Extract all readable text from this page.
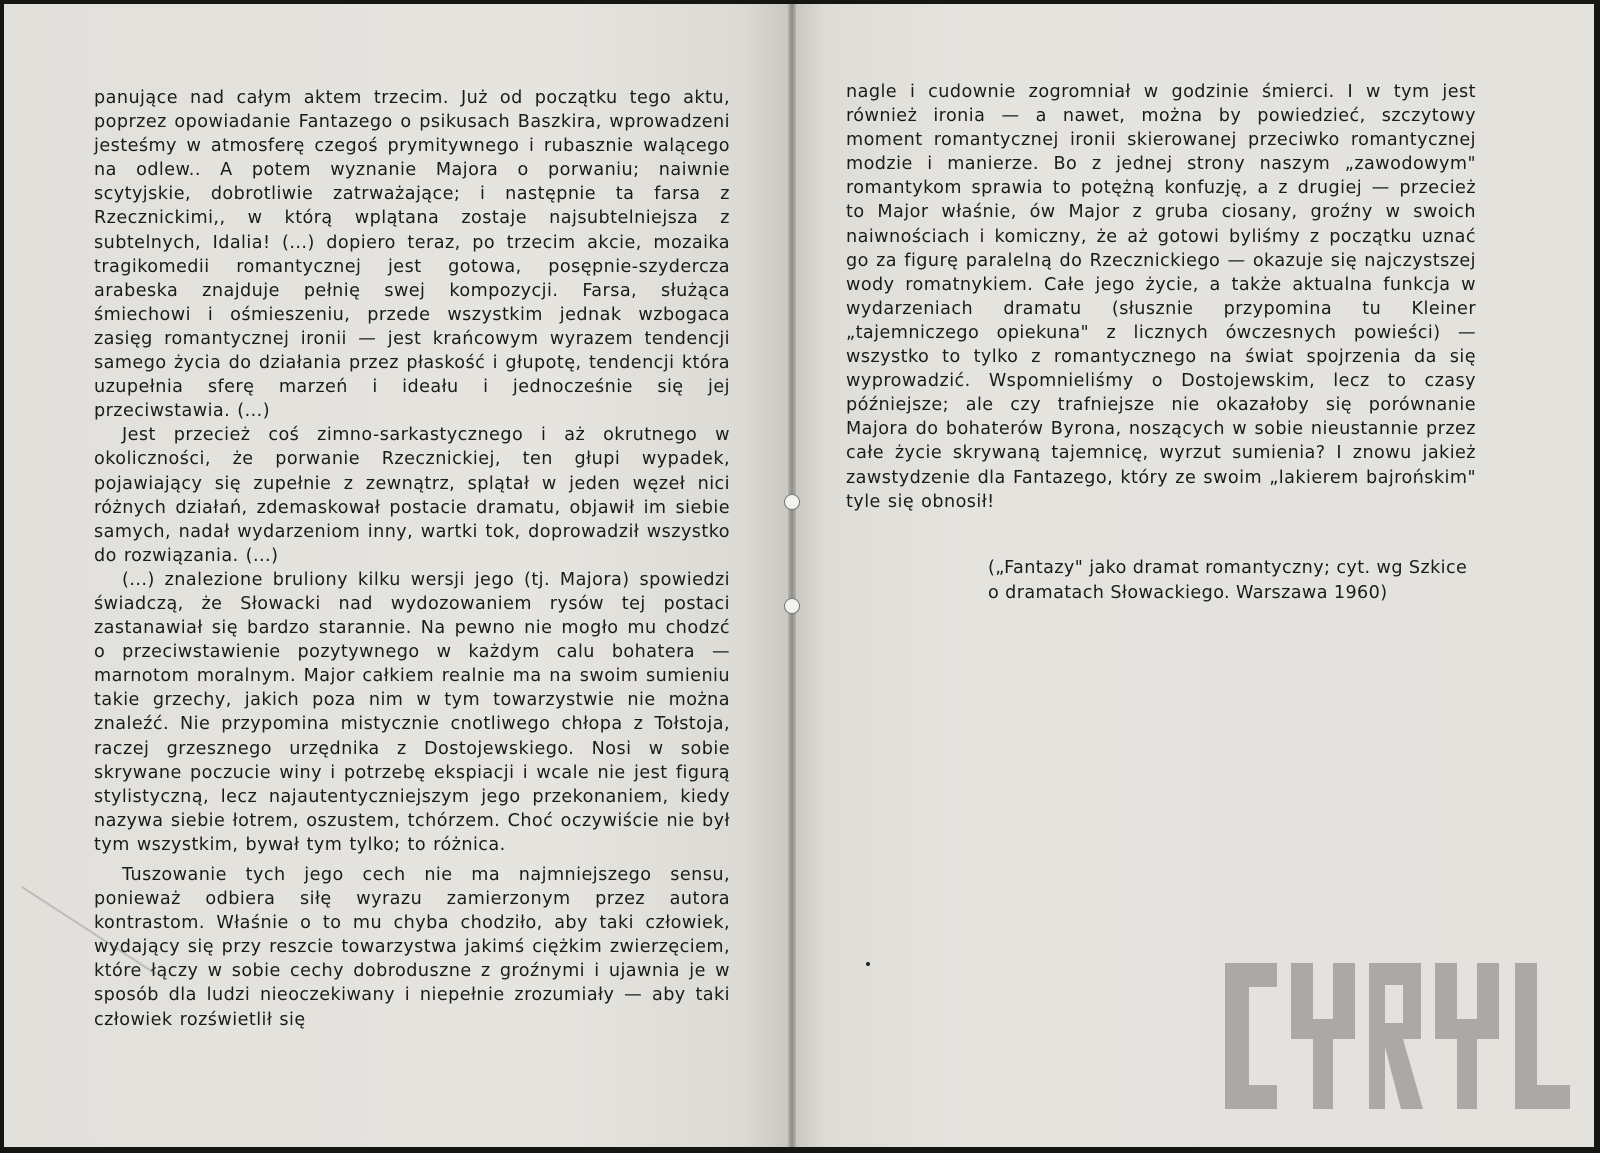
panujące nad całym aktem trzecim. Już od początku tego aktu, poprzez opowiadanie Fantazego o psikusach Baszkira, wprowadzeni jesteśmy w atmosferę czegoś prymitywnego i rubasznie walącego na odlew.. A potem wyznanie Majora o porwaniu; naiwnie scytyjskie, dobrotliwie zatrważające; i następnie ta farsa z Rzecznickimi,, w którą wplątana zostaje najsubtelniejsza z subtelnych, Idalia! (...) dopiero teraz, po trzecim akcie, mozaika tragikomedii romantycznej jest gotowa, posępnie-szydercza arabeska znajduje pełnię swej kompozycji. Farsa, służąca śmiechowi i ośmieszeniu, przede wszystkim jednak wzbogaca zasięg romantycznej ironii — jest krańcowym wyrazem tendencji samego życia do działania przez płaskość i głupotę, tendencji która uzupełnia sferę marzeń i ideału i jednocześnie się jej przeciwstawia. (...)

Jest przecież coś zimno-sarkastycznego i aż okrutnego w okoliczności, że porwanie Rzecznickiej, ten głupi wypadek, pojawiający się zupełnie z zewnątrz, splątał w jeden węzeł nici różnych działań, zdemaskował postacie dramatu, objawił im siebie samych, nadał wydarzeniom inny, wartki tok, doprowadził wszystko do rozwiązania. (...)

(...) znalezione bruliony kilku wersji jego (tj. Majora) spowiedzi świadczą, że Słowacki nad wydozowaniem rysów tej postaci zastanawiał się bardzo starannie. Na pewno nie mogło mu chodzć o przeciwstawienie pozytywnego w każdym calu bohatera — marnotom moralnym. Major całkiem realnie ma na swoim sumieniu takie grzechy, jakich poza nim w tym towarzystwie nie można znaleźć. Nie przypomina mistycznie cnotliwego chłopa z Tołstoja, raczej grzesznego urzędnika z Dostojewskiego. Nosi w sobie skrywane poczucie winy i potrzebę ekspiacji i wcale nie jest figurą stylistyczną, lecz najautentyczniejszym jego przekonaniem, kiedy nazywa siebie łotrem, oszustem, tchórzem. Choć oczywiście nie był tym wszystkim, bywał tym tylko; to różnica.

Tuszowanie tych jego cech nie ma najmniejszego sensu, ponieważ odbiera siłę wyrazu zamierzonym przez autora kontrastom. Właśnie o to mu chyba chodziło, aby taki człowiek, wydający się przy reszcie towarzystwa jakimś ciężkim zwierzęciem, które łączy w sobie cechy dobroduszne z groźnymi i ujawnia je w sposób dla ludzi nieoczekiwany i niepełnie zrozumiały — aby taki człowiek rozświetlił się

nagle i cudownie zogromniał w godzinie śmierci. I w tym jest również ironia — a nawet, można by powiedzieć, szczytowy moment romantycznej ironii skierowanej przeciwko romantycznej modzie i manierze. Bo z jednej strony naszym „zawodowym" romantykom sprawia to potężną konfuzję, a z drugiej — przecież to Major właśnie, ów Major z gruba ciosany, groźny w swoich naiwnościach i komiczny, że aż gotowi byliśmy z początku uznać go za figurę paralelną do Rzecznickiego — okazuje się najczystszej wody romatnykiem. Całe jego życie, a także aktualna funkcja w wydarzeniach dramatu (słusznie przypomina tu Kleiner „tajemniczego opiekuna" z licznych ówczesnych powieści) — wszystko to tylko z romantycznego na świat spojrzenia da się wyprowadzić. Wspomnieliśmy o Dostojewskim, lecz to czasy późniejsze; ale czy trafniejsze nie okazałoby się porównanie Majora do bohaterów Byrona, noszących w sobie nieustannie przez całe życie skrywaną tajemnicę, wyrzut sumienia? I znowu jakież zawstydzenie dla Fantazego, który ze swoim „lakierem bajrońskim" tyle się obnosił!

(„Fantazy" jako dramat romantyczny; cyt. wg Szkice o dramatach Słowackiego. Warszawa 1960)
